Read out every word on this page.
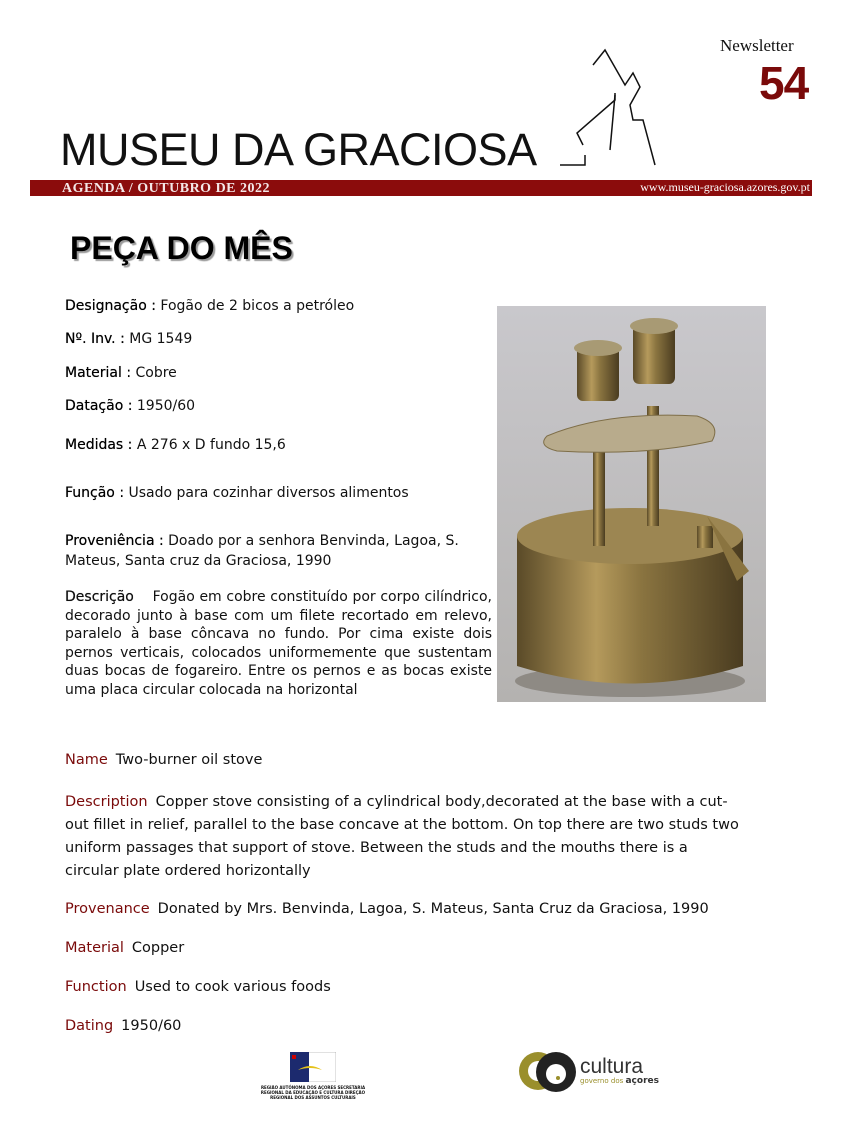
Newsletter
54
MUSEU DA GRACIOSA
AGENDA / OUTUBRO DE 2022	www.museu-graciosa.azores.gov.pt
PEÇA DO MÊS
Designação : Fogão de 2 bicos a petróleo
Nº. Inv. : MG 1549
Material : Cobre
Datação : 1950/60
Medidas : A 276 x D fundo 15,6
Função : Usado para cozinhar diversos alimentos
Proveniência : Doado por a senhora Benvinda, Lagoa, S. Mateus, Santa cruz da Graciosa, 1990
Descrição Fogão em cobre constituído por corpo cilíndrico, decorado junto à base com um filete recortado em relevo, paralelo à base côncava no fundo. Por cima existe dois pernos verticais, colocados uniformemente que sustentam duas bocas de fogareiro. Entre os pernos e as bocas existe uma placa circular colocada na horizontal
Name Two-burner oil stove
Description Copper stove consisting of a cylindrical body,decorated at the base with a cut-out fillet in relief, parallel to the base concave at the bottom. On top there are two studs two uniform passages that support of stove. Between the studs and the mouths there is a circular plate ordered horizontally
Provenance Donated by Mrs. Benvinda, Lagoa, S. Mateus, Santa Cruz da Graciosa, 1990
Material Copper
Function Used to cook various foods
Dating 1950/60
REGIÃO AUTÓNOMA DOS AÇORES SECRETARIA REGIONAL DA EDUCAÇÃO E CULTURA DIREÇÃO REGIONAL DOS ASSUNTOS CULTURAIS
cultura
governo dos açores
